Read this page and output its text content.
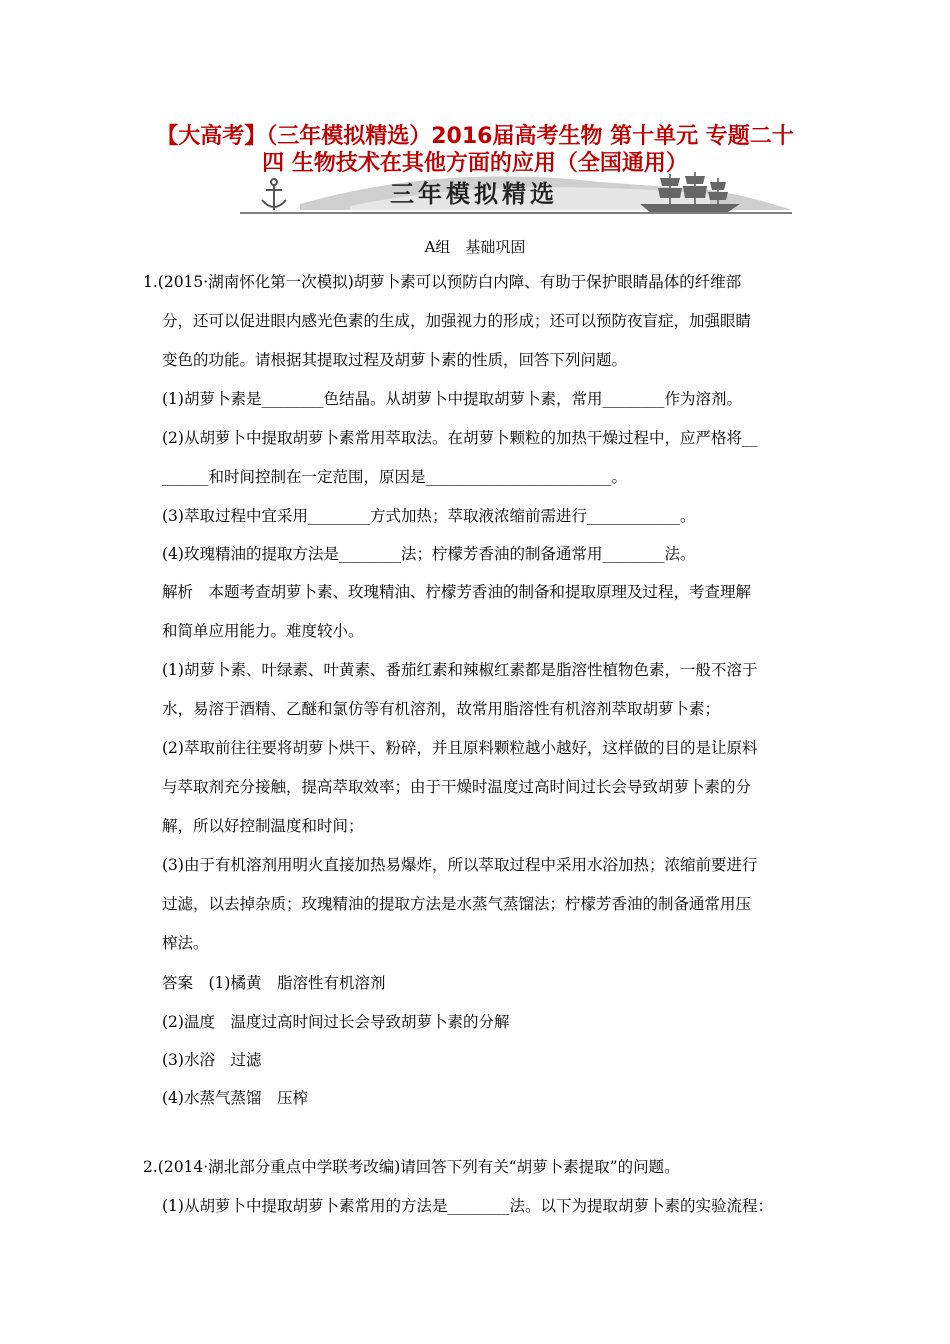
【大高考】（三年模拟精选）2016届高考生物 第十单元 专题二十
四 生物技术在其他方面的应用（全国通用）
三年模拟精选
A组　基础巩固
1.(2015·湖南怀化第一次模拟)胡萝卜素可以预防白内障、有助于保护眼睛晶体的纤维部
分，还可以促进眼内感光色素的生成，加强视力的形成；还可以预防夜盲症，加强眼睛
变色的功能。请根据其提取过程及胡萝卜素的性质，回答下列问题。
(1)胡萝卜素是________色结晶。从胡萝卜中提取胡萝卜素，常用________作为溶剂。
(2)从胡萝卜中提取胡萝卜素常用萃取法。在胡萝卜颗粒的加热干燥过程中，应严格将__
______和时间控制在一定范围，原因是________________________。
(3)萃取过程中宜采用________方式加热；萃取液浓缩前需进行____________。
(4)玫瑰精油的提取方法是________法；柠檬芳香油的制备通常用________法。
解析　本题考查胡萝卜素、玫瑰精油、柠檬芳香油的制备和提取原理及过程，考查理解
和简单应用能力。难度较小。
(1)胡萝卜素、叶绿素、叶黄素、番茄红素和辣椒红素都是脂溶性植物色素，一般不溶于
水，易溶于酒精、乙醚和氯仿等有机溶剂，故常用脂溶性有机溶剂萃取胡萝卜素；
(2)萃取前往往要将胡萝卜烘干、粉碎，并且原料颗粒越小越好，这样做的目的是让原料
与萃取剂充分接触，提高萃取效率；由于干燥时温度过高时间过长会导致胡萝卜素的分
解，所以好控制温度和时间；
(3)由于有机溶剂用明火直接加热易爆炸，所以萃取过程中采用水浴加热；浓缩前要进行
过滤，以去掉杂质；玫瑰精油的提取方法是水蒸气蒸馏法；柠檬芳香油的制备通常用压
榨法。
答案　(1)橘黄　脂溶性有机溶剂
(2)温度　温度过高时间过长会导致胡萝卜素的分解
(3)水浴　过滤
(4)水蒸气蒸馏　压榨
2.(2014·湖北部分重点中学联考改编)请回答下列有关“胡萝卜素提取”的问题。
(1)从胡萝卜中提取胡萝卜素常用的方法是________法。以下为提取胡萝卜素的实验流程：
